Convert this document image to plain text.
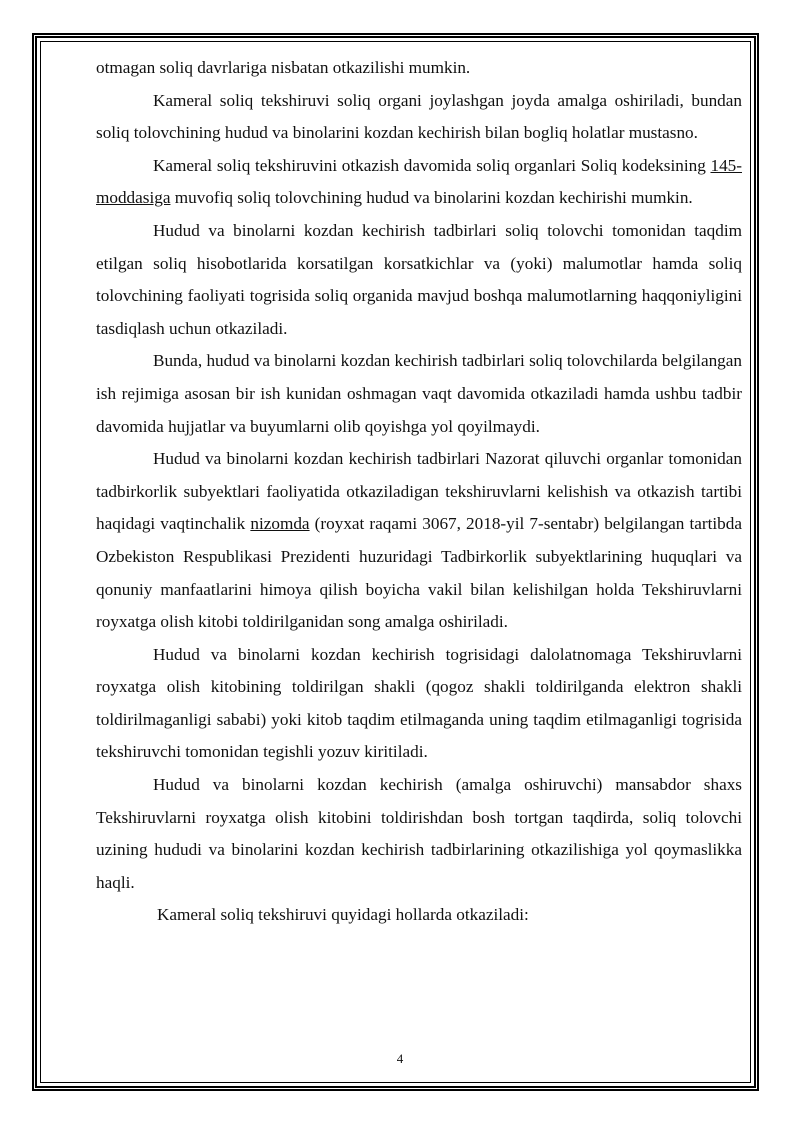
otmagan soliq davrlariga nisbatan otkazilishi mumkin.

Kameral soliq tekshiruvi soliq organi joylashgan joyda amalga oshiriladi, bundan soliq tolovchining hudud va binolarini kozdan kechirish bilan bogliq holatlar mustasno.

Kameral soliq tekshiruvini otkazish davomida soliq organlari Soliq kodeksining 145-moddasiga muvofiq soliq tolovchining hudud va binolarini kozdan kechirishi mumkin.

Hudud va binolarni kozdan kechirish tadbirlari soliq tolovchi tomonidan taqdim etilgan soliq hisobotlarida korsatilgan korsatkichlar va (yoki) malumotlar hamda soliq tolovchining faoliyati togrisida soliq organida mavjud boshqa malumotlarning haqqoniyligini tasdiqlash uchun otkaziladi.

Bunda, hudud va binolarni kozdan kechirish tadbirlari soliq tolovchilarda belgilangan ish rejimiga asosan bir ish kunidan oshmagan vaqt davomida otkaziladi hamda ushbu tadbir davomida hujjatlar va buyumlarni olib qoyishga yol qoyilmaydi.

Hudud va binolarni kozdan kechirish tadbirlari Nazorat qiluvchi organlar tomonidan tadbirkorlik subyektlari faoliyatida otkaziladigan tekshiruvlarni kelishish va otkazish tartibi haqidagi vaqtinchalik nizomda (royxat raqami 3067, 2018-yil 7-sentabr) belgilangan tartibda Ozbekiston Respublikasi Prezidenti huzuridagi Tadbirkorlik subyektlarining huquqlari va qonuniy manfaatlarini himoya qilish boyicha vakil bilan kelishilgan holda Tekshiruvlarni royxatga olish kitobi toldirilganidan song amalga oshiriladi.

Hudud va binolarni kozdan kechirish togrisidagi dalolatnomaga Tekshiruvlarni royxatga olish kitobining toldirilgan shakli (qogoz shakli toldirilganda elektron shakli toldirilmaganligi sababi) yoki kitob taqdim etilmaganda uning taqdim etilmaganligi togrisida tekshiruvchi tomonidan tegishli yozuv kiritiladi.

Hudud va binolarni kozdan kechirish (amalga oshiruvchi) mansabdor shaxs Tekshiruvlarni royxatga olish kitobini toldirishdan bosh tortgan taqdirda, soliq tolovchi uzining hududi va binolarini kozdan kechirish tadbirlarining otkazilishiga yol qoymaslikka haqli.

Kameral soliq tekshiruvi quyidagi hollarda otkaziladi:

4
